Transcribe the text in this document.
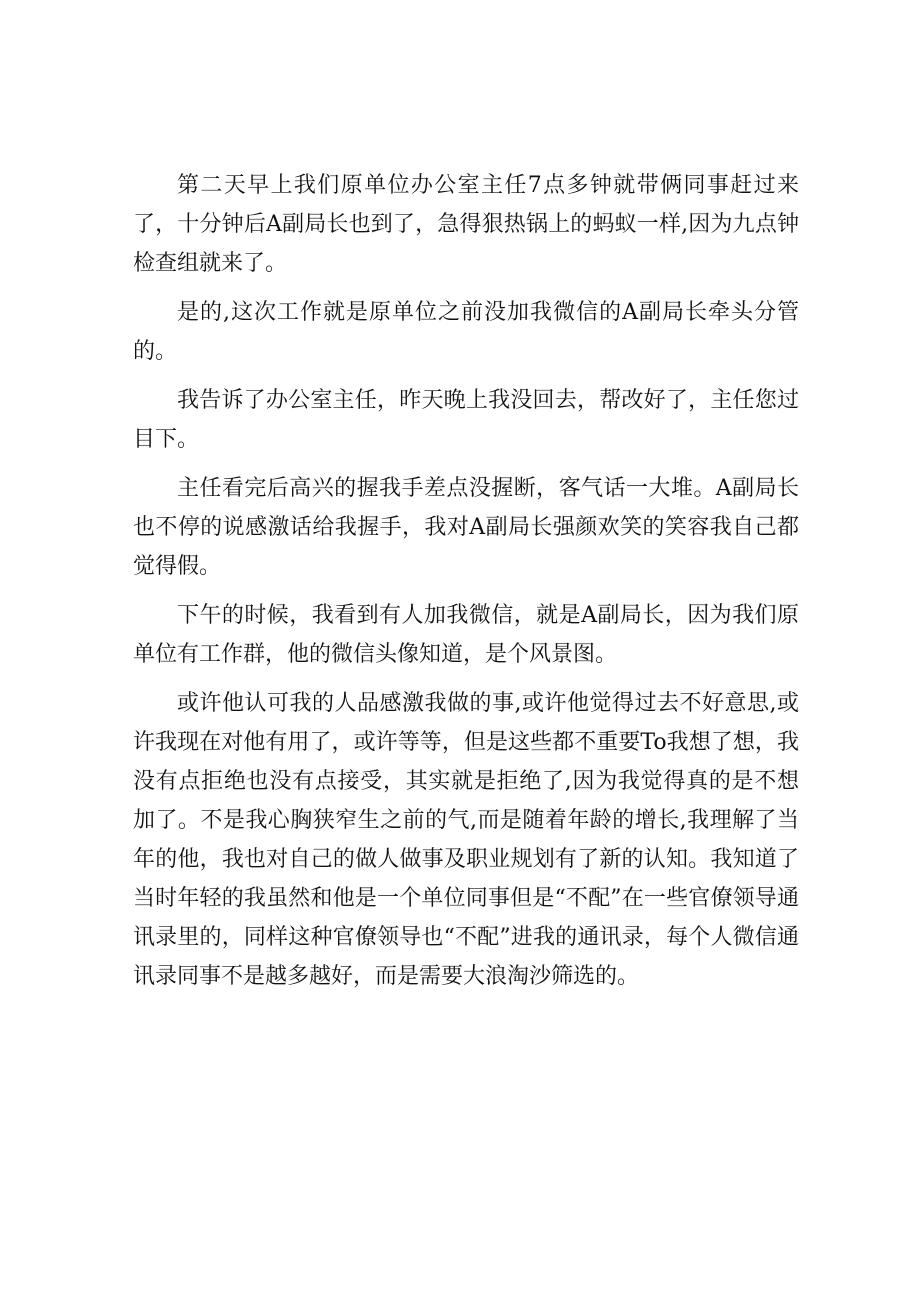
第二天早上我们原单位办公室主任7点多钟就带俩同事赶过来了，十分钟后A副局长也到了，急得狠热锅上的蚂蚁一样,因为九点钟检查组就来了。

是的,这次工作就是原单位之前没加我微信的A副局长牵头分管的。

我告诉了办公室主任，昨天晚上我没回去，帮改好了，主任您过目下。

主任看完后高兴的握我手差点没握断，客气话一大堆。A副局长也不停的说感激话给我握手，我对A副局长强颜欢笑的笑容我自己都觉得假。

下午的时候，我看到有人加我微信，就是A副局长，因为我们原单位有工作群，他的微信头像知道，是个风景图。

或许他认可我的人品感激我做的事,或许他觉得过去不好意思,或许我现在对他有用了，或许等等，但是这些都不重要To我想了想，我没有点拒绝也没有点接受，其实就是拒绝了,因为我觉得真的是不想加了。不是我心胸狭窄生之前的气,而是随着年龄的增长,我理解了当年的他，我也对自己的做人做事及职业规划有了新的认知。我知道了当时年轻的我虽然和他是一个单位同事但是“不配”在一些官僚领导通讯录里的，同样这种官僚领导也“不配”进我的通讯录，每个人微信通讯录同事不是越多越好，而是需要大浪淘沙筛选的。
